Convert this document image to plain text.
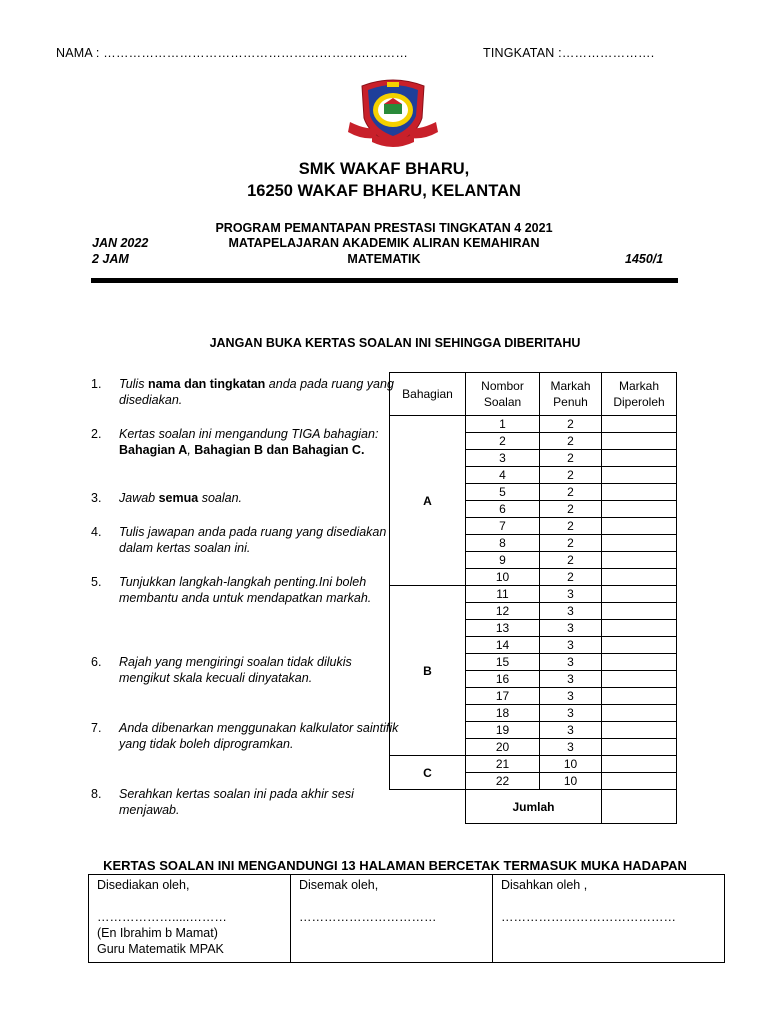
NAMA : ………………………………………………………………	TINGKATAN :………………….
SMK WAKAF BHARU,
16250 WAKAF BHARU, KELANTAN
PROGRAM PEMANTAPAN PRESTASI TINGKATAN 4 2021
MATAPELAJARAN AKADEMIK ALIRAN KEMAHIRAN
MATEMATIK
JAN 2022
2 JAM	1450/1
JANGAN BUKA KERTAS SOALAN INI SEHINGGA DIBERITAHU
1. Tulis nama dan tingkatan anda pada ruang yang disediakan.
2. Kertas soalan ini mengandung TIGA bahagian: Bahagian A, Bahagian B dan Bahagian C.
3. Jawab semua soalan.
4. Tulis jawapan anda pada ruang yang disediakan dalam kertas soalan ini.
5. Tunjukkan langkah-langkah penting.Ini boleh membantu anda untuk mendapatkan markah.
6. Rajah yang mengiringi soalan tidak dilukis mengikut skala kecuali dinyatakan.
7. Anda dibenarkan menggunakan kalkulator saintifik yang tidak boleh diprogramkan.
8. Serahkan kertas soalan ini pada akhir sesi menjawab.
Bahagian	Nombor Soalan	Markah Penuh	Markah Diperoleh
A	1	2	
	2	2	
	3	2	
	4	2	
	5	2	
	6	2	
	7	2	
	8	2	
	9	2	
	10	2	
B	11	3	
	12	3	
	13	3	
	14	3	
	15	3	
	16	3	
	17	3	
	18	3	
	19	3	
	20	3	
C	21	10	
	22	10	
	Jumlah		
KERTAS SOALAN INI MENGANDUNGI 13 HALAMAN BERCETAK TERMASUK MUKA HADAPAN
Disediakan oleh,
……………….....………
(En Ibrahim b Mamat)
Guru Matematik MPAK

Disemak oleh,
……………………………

Disahkan oleh ,
……………………………………
